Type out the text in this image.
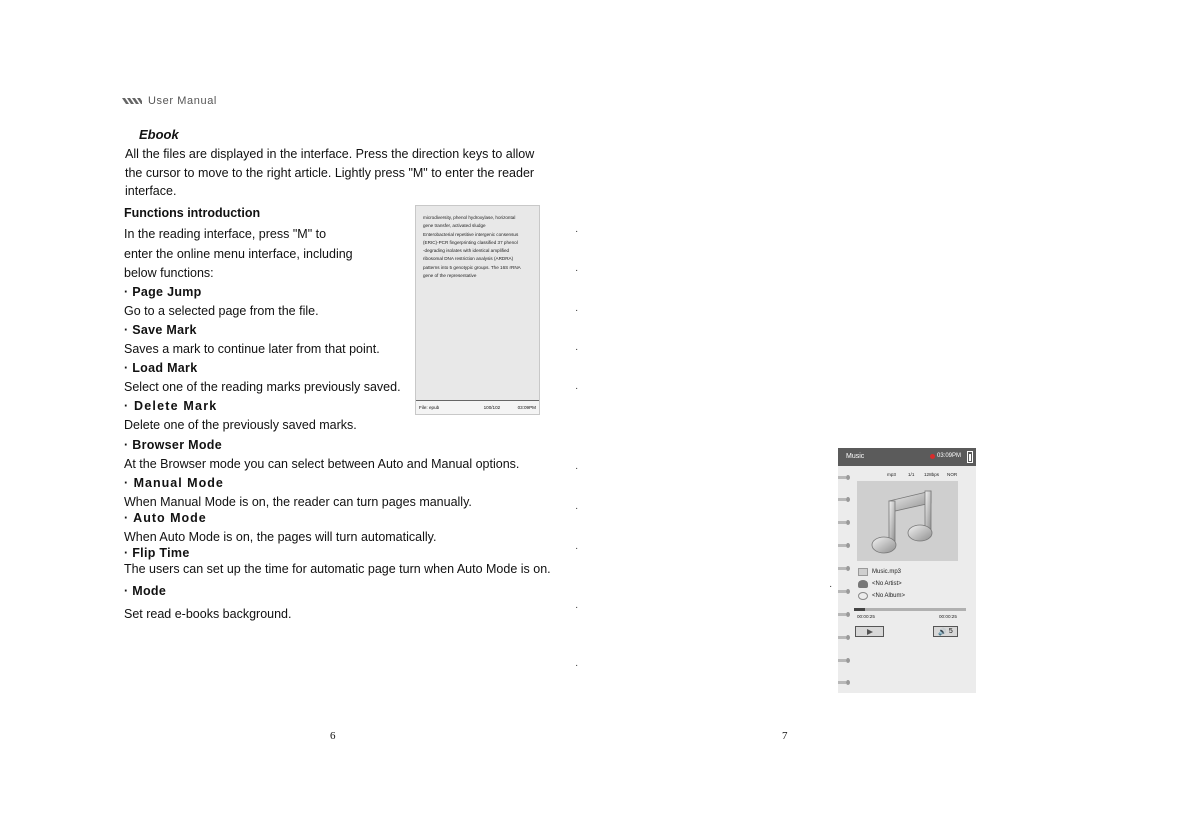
User Manual
Ebook
All the files are displayed in the interface. Press the direction keys to allow
the cursor to move to the right article. Lightly press "M" to enter the reader
interface.
Functions introduction
In the reading interface, press "M" to
enter the online menu interface, including
below functions:
· Page Jump
Go to a selected page from the file.
· Save Mark
Saves a mark to continue later from that point.
· Load Mark
Select one of the reading marks previously saved.
· Delete Mark
Delete one of the previously saved marks.
· Browser Mode
At the Browser mode you can select between Auto and Manual options.
· Manual Mode
When Manual Mode is on, the reader can turn pages manually.
· Auto Mode
When Auto Mode is on, the pages will turn automatically.
· Flip Time
The users can set up the time for automatic page turn when Auto Mode is on.
· Mode
Set read e-books background.
microdiversity, phenol hydroxylase, horizontal
gene transfer, activated sludge
Enterobacterial repetitive intergenic consensus
(ERIC)-PCR fingerprinting classified 37 phenol
-degrading isolates with identical amplified
ribosomal DNA restriction analysis (ARDRA)
patterns into 5 genotypic groups. The 16S rRNA
gene of the representative
File: epub	100/102	03:09PM
·
·
·
·
·
·
·
·
·
·
·
Music	03:09PM
mp3	1/1 128bps NOR
Music.mp3
<No Artist>
<No Album>
00:00:25	00:00:25
🔊 5
6	7
